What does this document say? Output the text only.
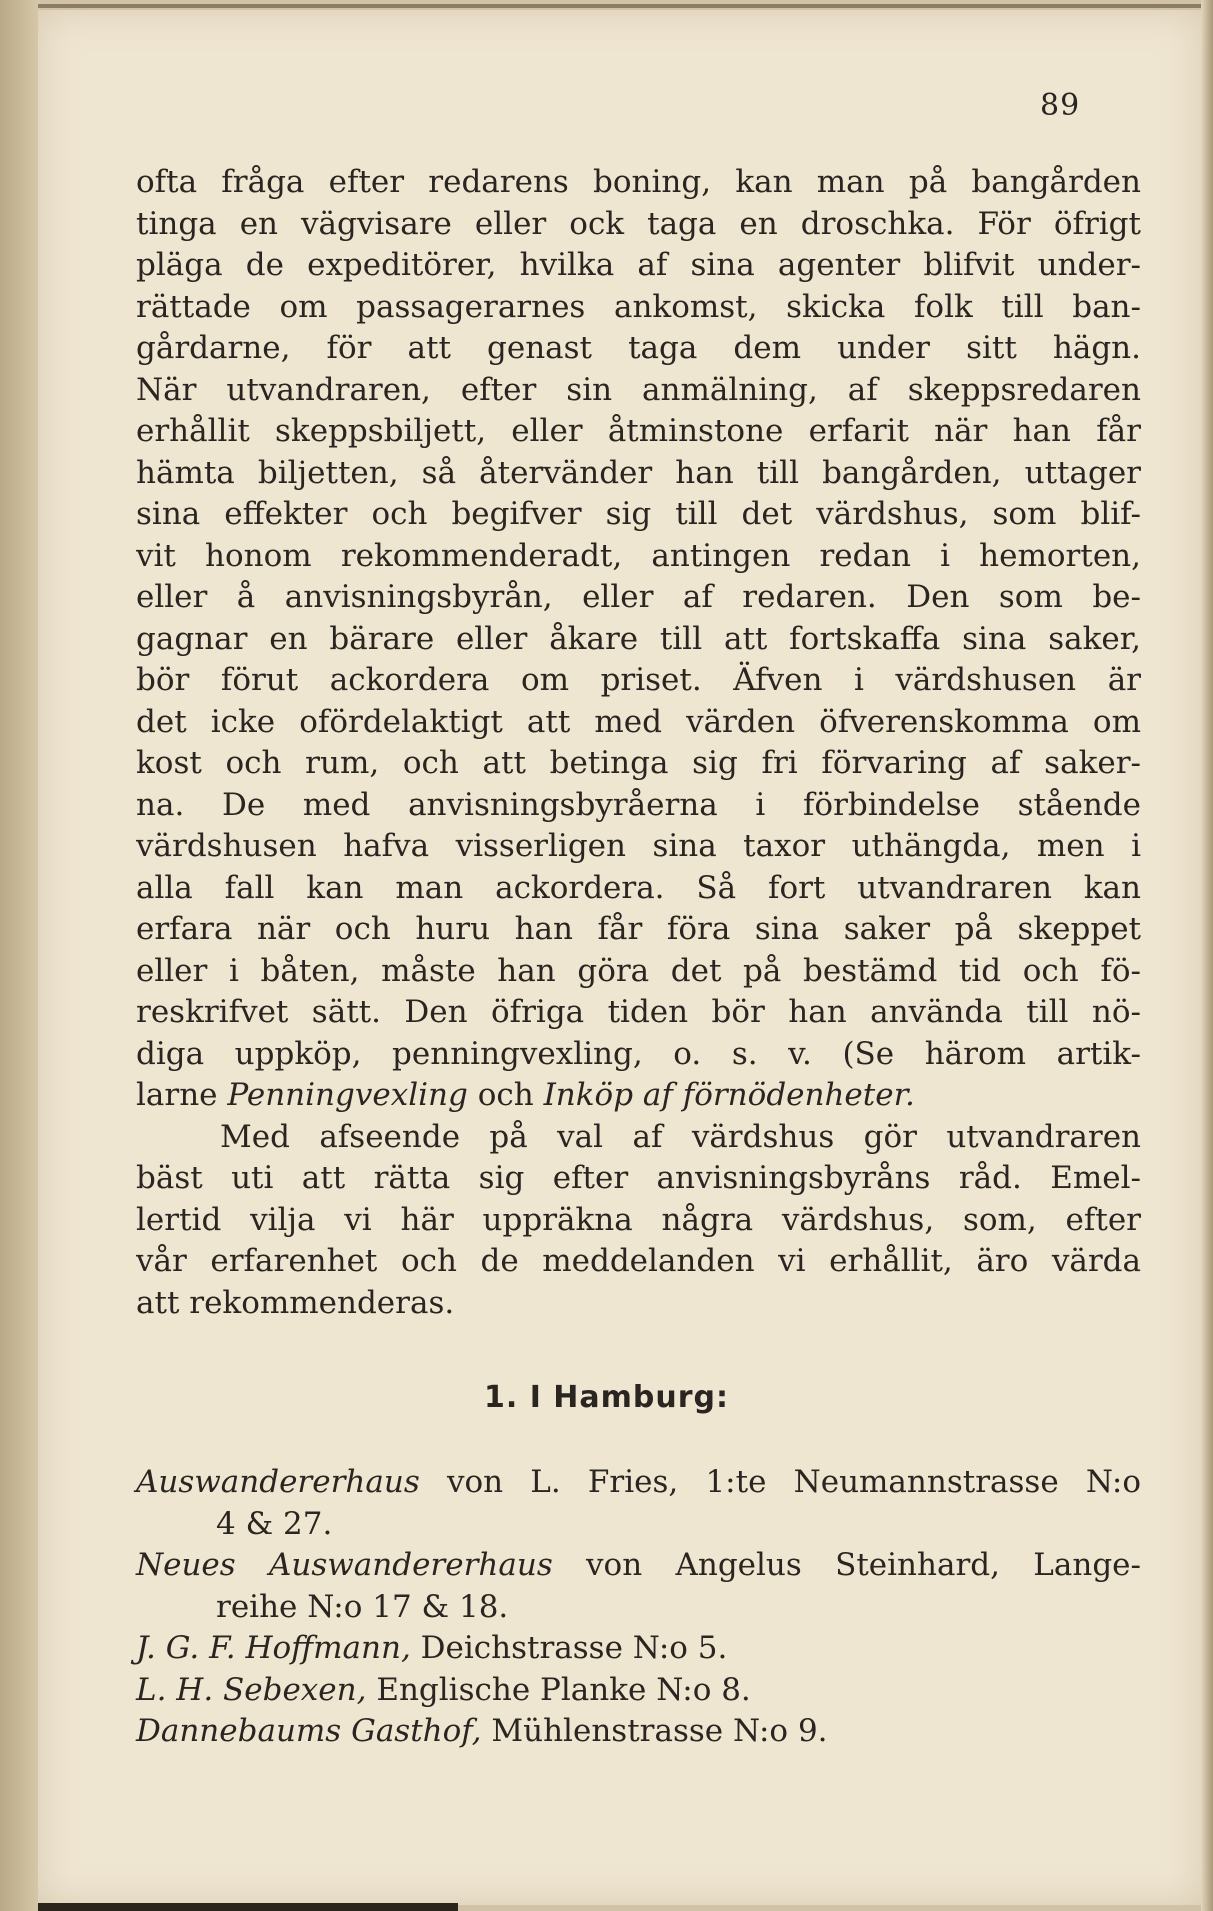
89
ofta fråga efter redarens boning, kan man på bangården
tinga en vägvisare eller ock taga en droschka. För öfrigt
pläga de expeditörer, hvilka af sina agenter blifvit under-
rättade om passagerarnes ankomst, skicka folk till ban-
gårdarne, för att genast taga dem under sitt hägn.
När utvandraren, efter sin anmälning, af skeppsredaren
erhållit skeppsbiljett, eller åtminstone erfarit när han får
hämta biljetten, så återvänder han till bangården, uttager
sina effekter och begifver sig till det värdshus, som blif-
vit honom rekommenderadt, antingen redan i hemorten,
eller å anvisningsbyrån, eller af redaren. Den som be-
gagnar en bärare eller åkare till att fortskaffa sina saker,
bör förut ackordera om priset. Äfven i värdshusen är
det icke ofördelaktigt att med värden öfverenskomma om
kost och rum, och att betinga sig fri förvaring af saker-
na. De med anvisningsbyråerna i förbindelse stående
värdshusen hafva visserligen sina taxor uthängda, men i
alla fall kan man ackordera. Så fort utvandraren kan
erfara när och huru han får föra sina saker på skeppet
eller i båten, måste han göra det på bestämd tid och fö-
reskrifvet sätt. Den öfriga tiden bör han använda till nö-
diga uppköp, penningvexling, o. s. v. (Se härom artik-
larne Penningvexling och Inköp af förnödenheter.
Med afseende på val af värdshus gör utvandraren
bäst uti att rätta sig efter anvisningsbyråns råd. Emel-
lertid vilja vi här uppräkna några värdshus, som, efter
vår erfarenhet och de meddelanden vi erhållit, äro värda
att rekommenderas.
1. I Hamburg:
Auswandererhaus von L. Fries, 1:te Neumannstrasse N:o
4 & 27.
Neues Auswandererhaus von Angelus Steinhard, Lange-
reihe N:o 17 & 18.
J. G. F. Hoffmann, Deichstrasse N:o 5.
L. H. Sebexen, Englische Planke N:o 8.
Dannebaums Gasthof, Mühlenstrasse N:o 9.
